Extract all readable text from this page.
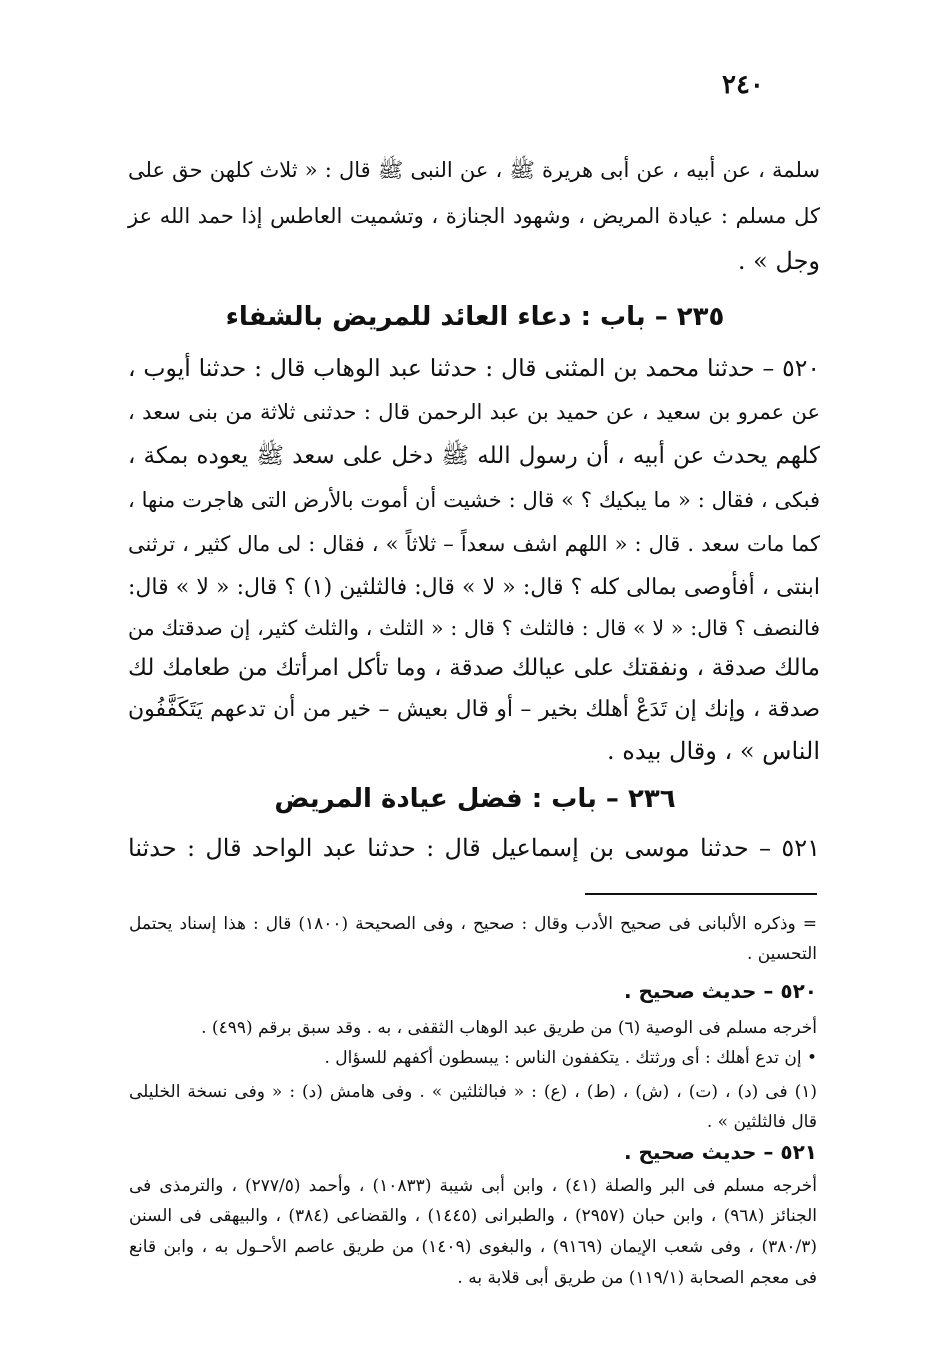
٢٤٠
سلمة ، عن أبيه ، عن أبى هريرة ﷺ ، عن النبى ﷺ قال : « ثلاث كلهن حق على
كل مسلم : عيادة المريض ، وشهود الجنازة ، وتشميت العاطس إذا حمد الله عز
وجل » .
٢٣٥ – باب : دعاء العائد للمريض بالشفاء
٥٢٠ – حدثنا محمد بن المثنى قال : حدثنا عبد الوهاب قال : حدثنا أيوب ،
عن عمرو بن سعيد ، عن حميد بن عبد الرحمن قال : حدثنى ثلاثة من بنى سعد ،
كلهم يحدث عن أبيه ، أن رسول الله ﷺ دخل على سعد ﷺ يعوده بمكة ،
فبكى ، فقال : « ما يبكيك ؟ » قال : خشيت أن أموت بالأرض التى هاجرت منها ،
كما مات سعد . قال : « اللهم اشف سعداً – ثلاثاً » ، فقال : لى مال كثير ، ترثنى
ابنتى ، أفأوصى بمالى كله ؟ قال: « لا » قال: فالثلثين (١) ؟ قال: « لا » قال:
فالنصف ؟ قال: « لا » قال : فالثلث ؟ قال : « الثلث ، والثلث كثير، إن صدقتك من
مالك صدقة ، ونفقتك على عيالك صدقة ، وما تأكل امرأتك من طعامك لك
صدقة ، وإنك إن تَدَعْ أهلك بخير – أو قال بعيش – خير من أن تدعهم يَتَكَفَّفُون
الناس » ، وقال بيده .
٢٣٦ – باب : فضل عيادة المريض
٥٢١ – حدثنا موسى بن إسماعيل قال : حدثنا عبد الواحد قال : حدثنا
= وذكره الألبانى فى صحيح الأدب وقال : صحيح ، وفى الصحيحة (١٨٠٠) قال : هذا إسناد يحتمل
التحسين .
٥٢٠ – حديث صحيح .
أخرجه مسلم فى الوصية (٦) من طريق عبد الوهاب الثقفى ، به . وقد سبق برقم (٤٩٩) .
• إن تدع أهلك : أى ورثتك . يتكففون الناس : يبسطون أكفهم للسؤال .
(١) فى (د) ، (ت) ، (ش) ، (ط) ، (ع) : « فبالثلثين » . وفى هامش (د) : « وفى نسخة الخليلى
قال فالثلثين » .
٥٢١ – حديث صحيح .
أخرجه مسلم فى البر والصلة (٤١) ، وابن أبى شيبة (١٠٨٣٣) ، وأحمد (٢٧٧/٥) ، والترمذى فى
الجنائز (٩٦٨) ، وابن حبان (٢٩٥٧) ، والطبرانى (١٤٤٥) ، والقضاعى (٣٨٤) ، والبيهقى فى السنن
(٣٨٠/٣) ، وفى شعب الإيمان (٩١٦٩) ، والبغوى (١٤٠٩) من طريق عاصم الأحـول به ، وابن قانع
فى معجم الصحابة (١١٩/١) من طريق أبى قلابة به .
